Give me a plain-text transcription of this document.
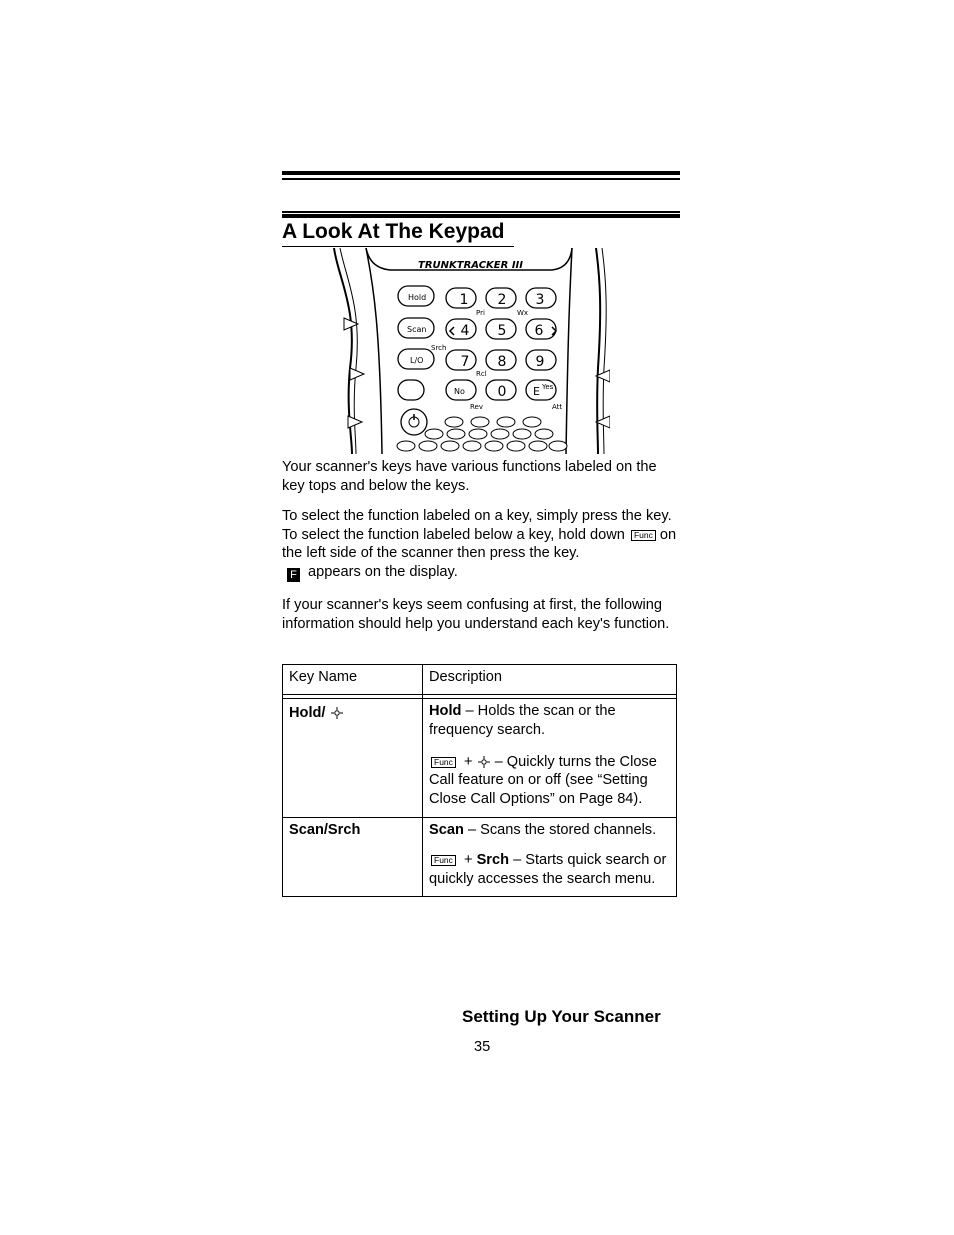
A Look At The Keypad
TRUNKTRACKER III
Hold
Scan
L/O
Srch
1 2 3
4 5 6
7 8 9
0
No	E Yes
Pri	Wx
Rcl
Rev	Att

Your scanner's keys have various functions labeled on the key tops and below the keys.

To select the function labeled on a key, simply press the key. To select the function labeled below a key, hold down Func on the left side of the scanner then press the key.
F appears on the display.

If your scanner's keys seem confusing at first, the following information should help you understand each key's function.

Key Name	Description

Hold/	Hold – Holds the scan or the frequency search.

Func + – Quickly turns the Close Call feature on or off (see “Setting Close Call Options” on Page 84).

Scan/Srch	Scan – Scans the stored channels.

Func + Srch – Starts quick search or quickly accesses the search menu.

Setting Up Your Scanner
35
